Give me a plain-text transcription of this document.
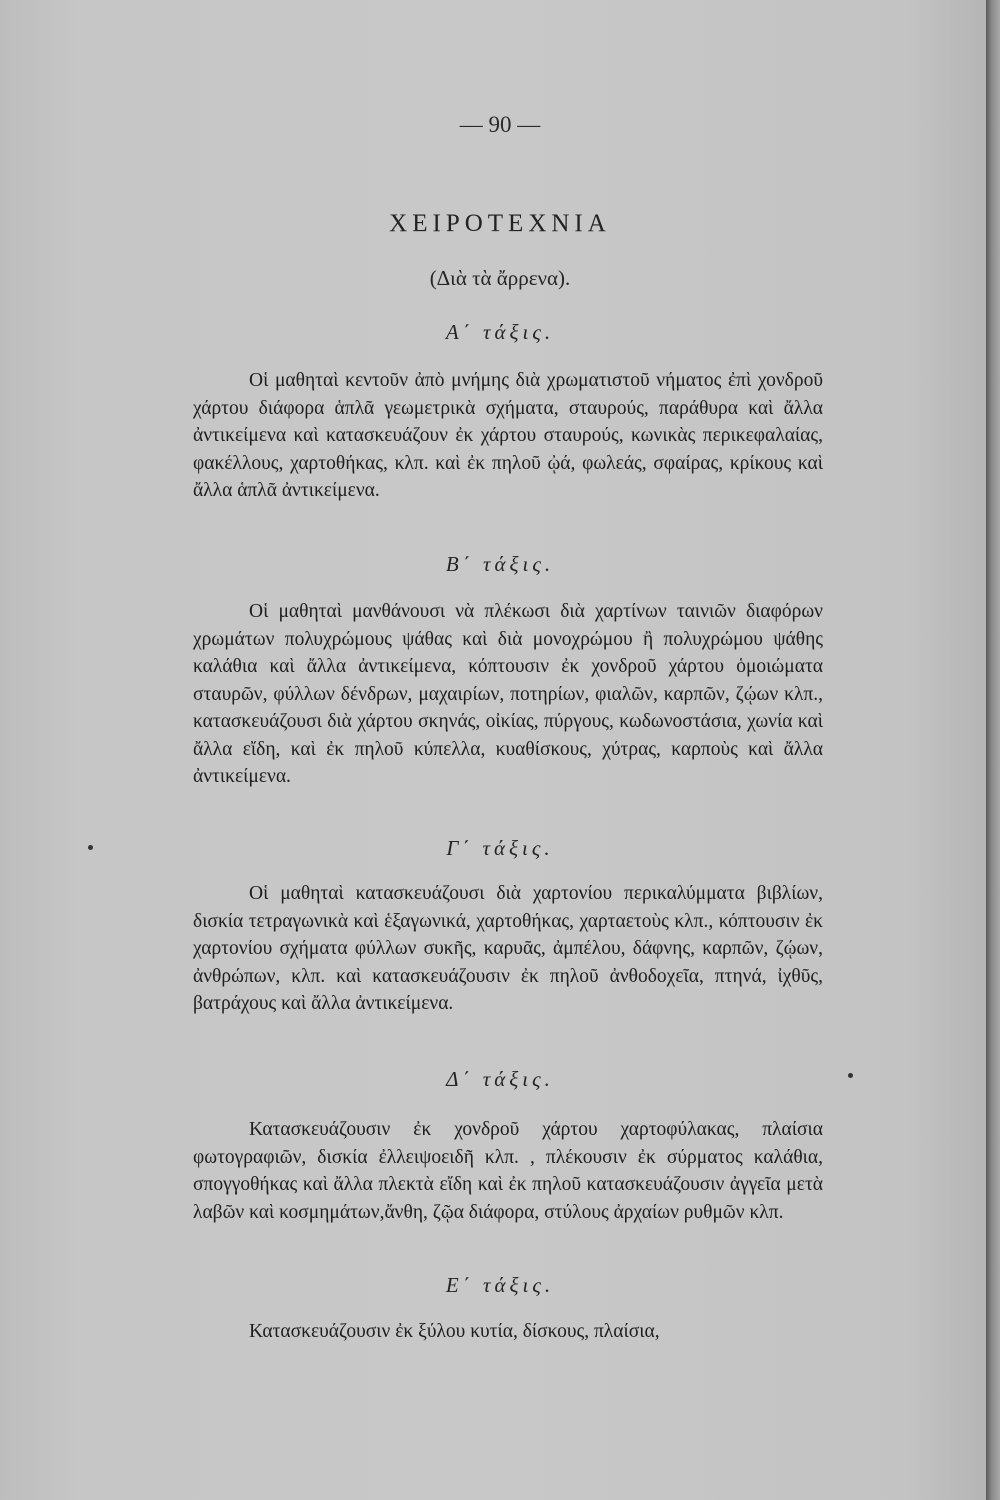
— 90 —
ΧΕΙΡΟΤΕΧΝΙΑ
(Διὰ τὰ ἄρρενα).
Α΄ τάξις.

Οἱ μαθηταὶ κεντοῦν ἀπὸ μνήμης διὰ χρωματιστοῦ νήματος ἐπὶ χονδροῦ χάρτου διάφορα ἁπλᾶ γεωμετρικὰ σχήματα, σταυρούς, παράθυρα καὶ ἄλλα ἀντικείμενα καὶ κατασκευάζουν ἐκ χάρτου σταυρούς, κωνικὰς περικεφαλαίας, φακέλλους, χαρτοθήκας, κλπ. καὶ ἐκ πηλοῦ ᾠά, φωλεάς, σφαίρας, κρίκους καὶ ἄλλα ἁπλᾶ ἀντικείμενα.

Β΄ τάξις.

Οἱ μαθηταὶ μανθάνουσι νὰ πλέκωσι διὰ χαρτίνων ταινιῶν διαφόρων χρωμάτων πολυχρώμους ψάθας καὶ διὰ μονοχρώμου ἢ πολυχρώμου ψάθης καλάθια καὶ ἄλλα ἀντικείμενα, κόπτουσιν ἐκ χονδροῦ χάρτου ὁμοιώματα σταυρῶν, φύλλων δένδρων, μαχαιρίων, ποτηρίων, φιαλῶν, καρπῶν, ζῴων κλπ., κατασκευάζουσι διὰ χάρτου σκηνάς, οἰκίας, πύργους, κωδωνοστάσια, χωνία καὶ ἄλλα εἴδη, καὶ ἐκ πηλοῦ κύπελλα, κυαθίσκους, χύτρας, καρποὺς καὶ ἄλλα ἀντικείμενα.

Γ΄ τάξις.

Οἱ μαθηταὶ κατασκευάζουσι διὰ χαρτονίου περικαλύμματα βιβλίων, δισκία τετραγωνικὰ καὶ ἑξαγωνικά, χαρτοθήκας, χαρταετοὺς κλπ., κόπτουσιν ἐκ χαρτονίου σχήματα φύλλων συκῆς, καρυᾶς, ἀμπέλου, δάφνης, καρπῶν, ζῴων, ἀνθρώπων, κλπ. καὶ κατασκευάζουσιν ἐκ πηλοῦ ἀνθοδοχεῖα, πτηνά, ἰχθῦς, βατράχους καὶ ἄλλα ἀντικείμενα.

Δ΄ τάξις.

Κατασκευάζουσιν ἐκ χονδροῦ χάρτου χαρτοφύλακας, πλαίσια φωτογραφιῶν, δισκία ἐλλειψοειδῆ κλπ. , πλέκουσιν ἐκ σύρματος καλάθια, σπογγοθήκας καὶ ἄλλα πλεκτὰ εἴδη καὶ ἐκ πηλοῦ κατασκευάζουσιν ἀγγεῖα μετὰ λαβῶν καὶ κοσμημάτων,ἄνθη, ζῷα διάφορα, στύλους ἀρχαίων ρυθμῶν κλπ.

Ε΄ τάξις.

Κατασκευάζουσιν ἐκ ξύλου κυτία, δίσκους, πλαίσια,
